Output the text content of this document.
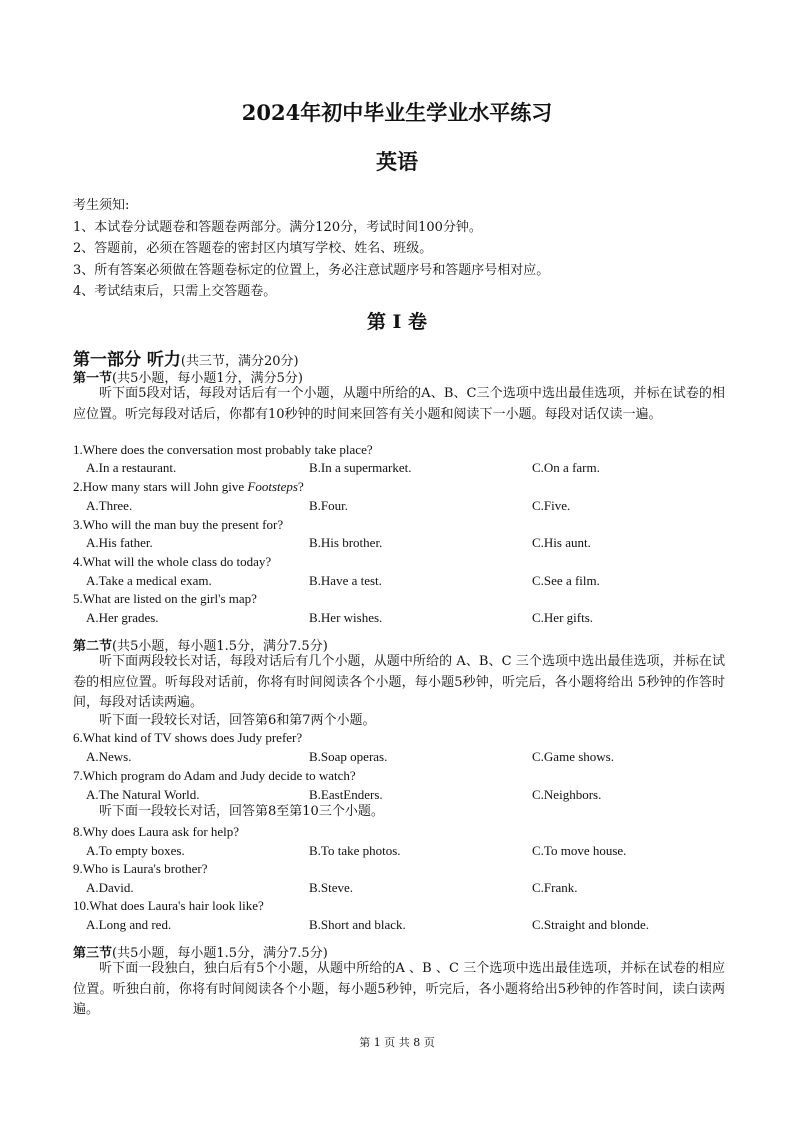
2024年初中毕业生学业水平练习
英语
考生须知:
1、本试卷分试题卷和答题卷两部分。满分120分，考试时间100分钟。
2、答题前，必须在答题卷的密封区内填写学校、姓名、班级。
3、所有答案必须做在答题卷标定的位置上，务必注意试题序号和答题序号相对应。
4、考试结束后，只需上交答题卷。
第 I 卷
第一部分 听力(共三节，满分20分)
第一节(共5小题，每小题1分，满分5分)
听下面5段对话，每段对话后有一个小题，从题中所给的A、B、C三个选项中选出最佳选项，并标在试卷的相应位置。听完每段对话后，你都有10秒钟的时间来回答有关小题和阅读下一小题。每段对话仅读一遍。
1.Where does the conversation most probably take place?
A.In a restaurant.	B.In a supermarket.	C.On a farm.
2.How many stars will John give Footsteps?
A.Three.	B.Four.	C.Five.
3.Who will the man buy the present for?
A.His father.	B.His brother.	C.His aunt.
4.What will the whole class do today?
A.Take a medical exam.	B.Have a test.	C.See a film.
5.What are listed on the girl's map?
A.Her grades.	B.Her wishes.	C.Her gifts.
第二节(共5小题，每小题1.5分，满分7.5分)
听下面两段较长对话，每段对话后有几个小题，从题中所给的 A、B、C 三个选项中选出最佳选项，并标在试卷的相应位置。听每段对话前，你将有时间阅读各个小题，每小题5秒钟，听完后，各小题将给出 5秒钟的作答时间，每段对话读两遍。
听下面一段较长对话，回答第6和第7两个小题。
6.What kind of TV shows does Judy prefer?
A.News.	B.Soap operas.	C.Game shows.
7.Which program do Adam and Judy decide to watch?
A.The Natural World.	B.EastEnders.	C.Neighbors.
听下面一段较长对话，回答第8至第10三个小题。
8.Why does Laura ask for help?
A.To empty boxes.	B.To take photos.	C.To move house.
9.Who is Laura's brother?
A.David.	B.Steve.	C.Frank.
10.What does Laura's hair look like?
A.Long and red.	B.Short and black.	C.Straight and blonde.
第三节(共5小题，每小题1.5分，满分7.5分)
听下面一段独白，独白后有5个小题，从题中所给的A 、B 、C 三个选项中选出最佳选项，并标在试卷的相应位置。听独白前，你将有时间阅读各个小题，每小题5秒钟，听完后，各小题将给出5秒钟的作答时间，读白读两遍。
第 1 页 共 8 页
